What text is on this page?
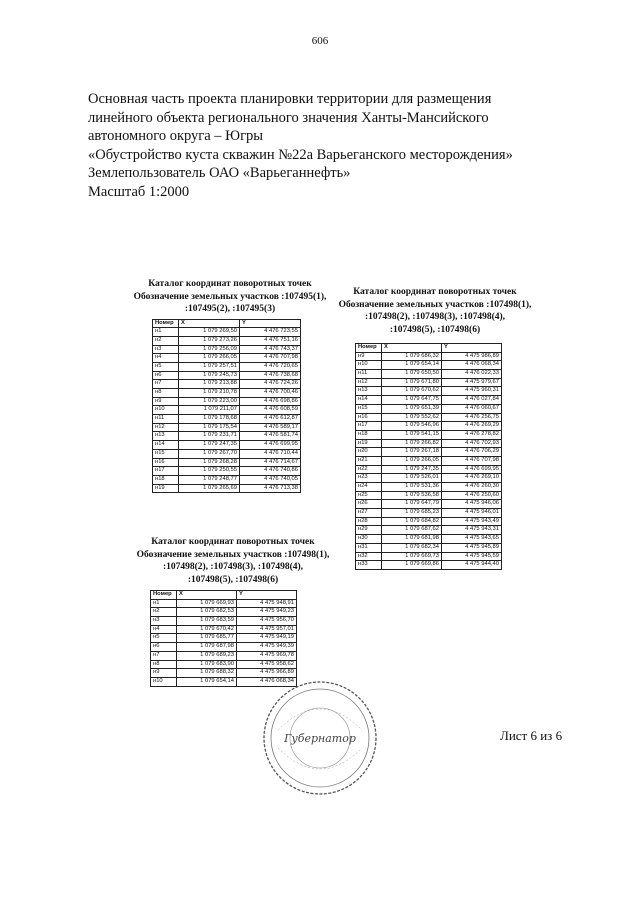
606
Основная часть проекта планировки территории для размещения
линейного объекта регионального значения Ханты-Мансийского
автономного округа – Югры
«Обустройство куста скважин №22а Варьеганского месторождения»
Землепользователь ОАО «Варьеганнефть»
Масштаб 1:2000
Каталог координат поворотных точек
Обозначение земельных участков :107495(1),
:107495(2), :107495(3)
Номер	X	Y
н1	1 079 269,50	4 476 723,55
н2	1 079 273,26	4 476 751,16
н3	1 079 256,09	4 476 743,37
н4	1 079 266,05	4 476 707,98
н5	1 079 257,51	4 476 720,65
н6	1 079 245,73	4 476 738,68
н7	1 079 213,88	4 476 724,26
н8	1 079 210,78	4 476 700,46
н9	1 079 223,00	4 476 698,86
н10	1 079 211,07	4 476 608,59
н11	1 079 178,68	4 476 612,87
н12	1 079 175,54	4 476 589,17
н13	1 079 231,71	4 476 581,74
н14	1 079 247,35	4 476 699,95
н15	1 079 267,70	4 476 710,44
н16	1 079 268,28	4 476 714,67
н17	1 079 250,55	4 476 740,86
н18	1 079 248,77	4 476 740,05
н19	1 079 265,69	4 476 713,38
Каталог координат поворотных точек
Обозначение земельных участков :107498(1),
:107498(2), :107498(3), :107498(4),
:107498(5), :107498(6)
Номер	X	Y
н9	1 079 686,32	4 475 986,89
н10	1 079 654,14	4 476 068,34
н11	1 079 650,50	4 476 022,33
н12	1 079 671,80	4 475 979,67
н13	1 079 670,62	4 475 960,31
н14	1 079 647,75	4 476 027,84
н15	1 079 651,39	4 476 060,67
н16	1 079 552,62	4 476 256,75
н17	1 079 546,96	4 476 269,29
н18	1 079 541,15	4 476 278,82
н19	1 079 266,82	4 476 702,93
н20	1 079 267,18	4 476 706,29
н21	1 079 266,05	4 476 707,98
н22	1 079 247,35	4 476 699,95
н23	1 079 526,01	4 476 269,10
н24	1 079 531,36	4 476 260,30
н25	1 079 536,58	4 476 250,60
н26	1 079 647,79	4 475 946,06
н27	1 079 685,23	4 475 946,01
н28	1 079 684,82	4 475 943,49
н29	1 079 687,62	4 475 943,31
н30	1 079 681,98	4 475 943,65
н31	1 079 682,34	4 475 945,89
н32	1 079 669,73	4 475 945,59
н33	1 079 669,86	4 475 944,40
Каталог координат поворотных точек
Обозначение земельных участков :107498(1),
:107498(2), :107498(3), :107498(4),
:107498(5), :107498(6)
Номер	X	Y
н1	1 079 669,93	4 475 948,91
н2	1 079 682,53	4 475 949,23
н3	1 079 683,59	4 475 956,70
н4	1 079 670,42	4 475 957,01
н5	1 079 685,77	4 475 949,19
н6	1 079 687,98	4 475 949,39
н7	1 079 689,23	4 475 969,78
н8	1 079 683,90	4 475 958,62
н9	1 079 688,32	4 475 966,89
н10	1 079 654,14	4 476 068,34
Губернатор	Лист 6 из 6
